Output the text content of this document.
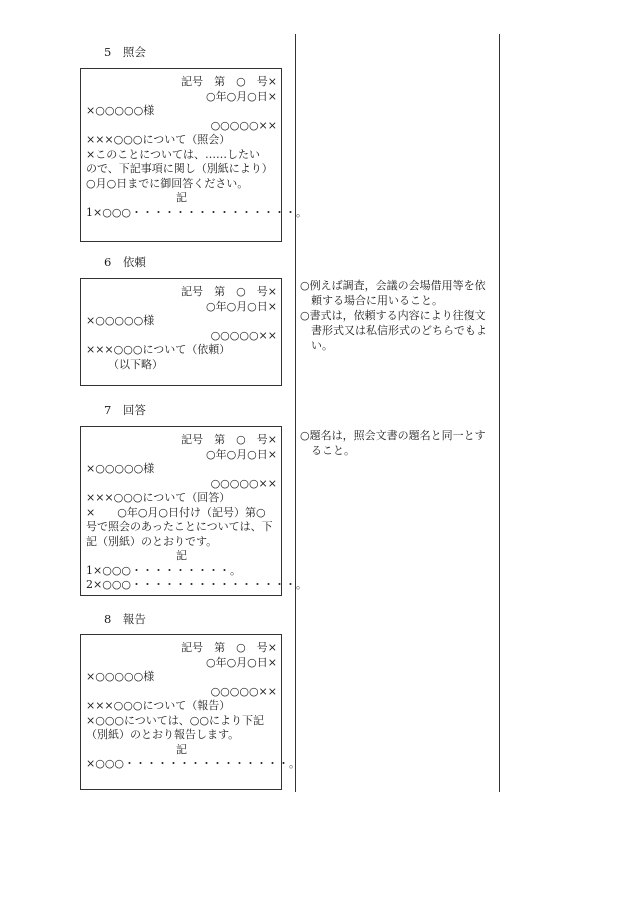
5　照会
記号　第　○　号×
○年○月○日×
×○○○○○様
○○○○○××
×××○○○について（照会）
×このことについては、……したい
ので、下記事項に関し（別紙により）
○月○日までに御回答ください。
記
1×○○○・・・・・・・・・・・・・・・。
6　依頼
記号　第　○　号×
○年○月○日×
×○○○○○様
○○○○○××
×××○○○について（依頼）
（以下略）
○例えば調査，会議の会場借用等を依頼する場合に用いること。
○書式は，依頼する内容により往復文書形式又は私信形式のどちらでもよい。
7　回答
記号　第　○　号×
○年○月○日×
×○○○○○様
○○○○○××
×××○○○について（回答）
×　　○年○月○日付け（記号）第○
号で照会のあったことについては、下
記（別紙）のとおりです。
記
1×○○○・・・・・・・・・。
2×○○○・・・・・・・・・・・・・・・。
○題名は，照会文書の題名と同一とすること。
8　報告
記号　第　○　号×
○年○月○日×
×○○○○○様
○○○○○××
×××○○○について（報告）
×○○○については、○○により下記
（別紙）のとおり報告します。
記
×○○○・・・・・・・・・・・・・・・。
